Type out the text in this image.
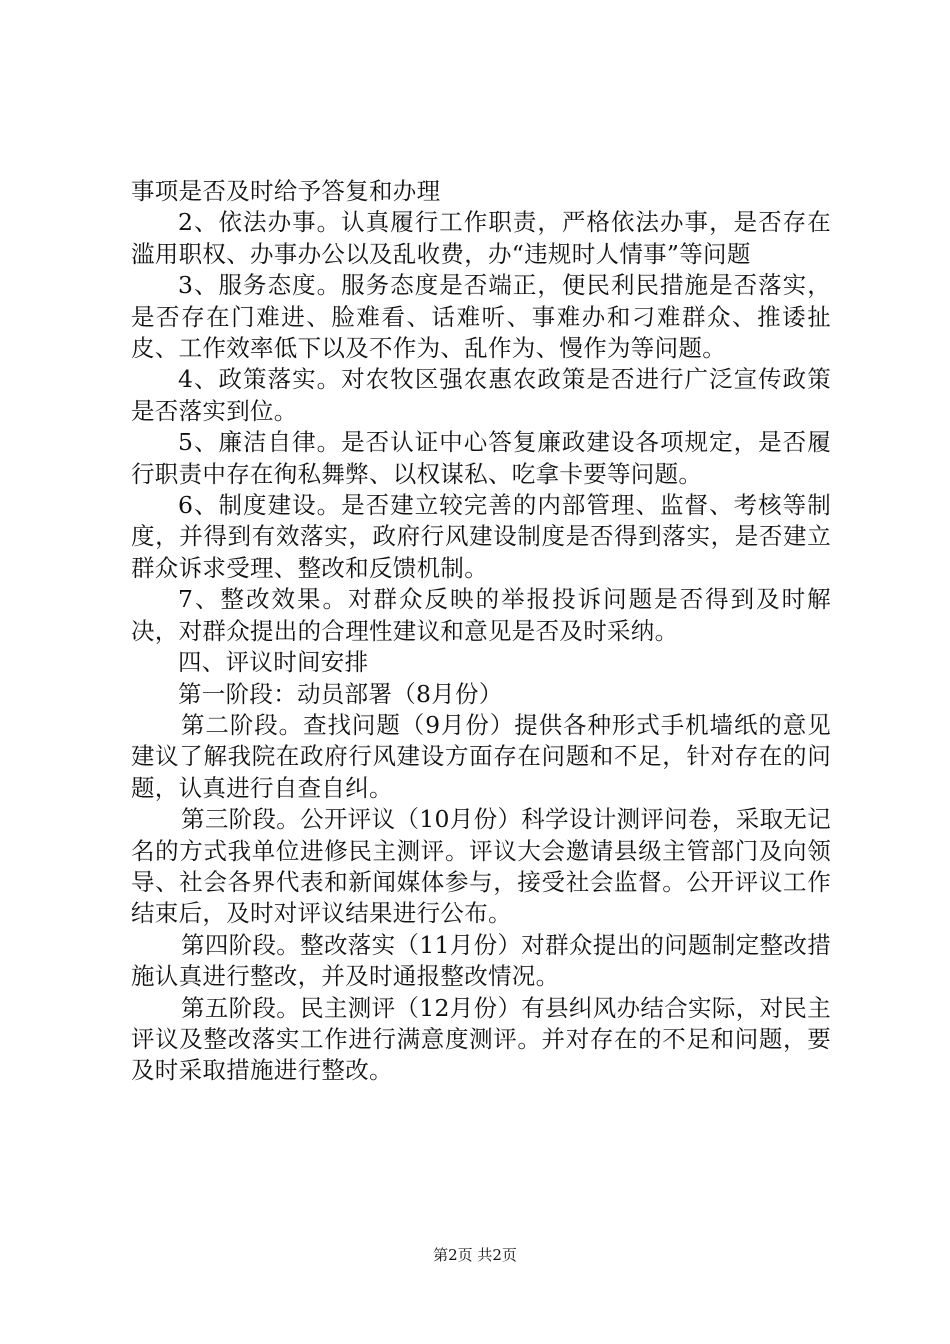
事项是否及时给予答复和办理

2、依法办事。认真履行工作职责，严格依法办事，是否存在滥用职权、办事办公以及乱收费，办“违规时人情事”等问题

3、服务态度。服务态度是否端正，便民利民措施是否落实，是否存在门难进、脸难看、话难听、事难办和刁难群众、推诿扯皮、工作效率低下以及不作为、乱作为、慢作为等问题。

4、政策落实。对农牧区强农惠农政策是否进行广泛宣传政策是否落实到位。

5、廉洁自律。是否认证中心答复廉政建设各项规定，是否履行职责中存在徇私舞弊、以权谋私、吃拿卡要等问题。

6、制度建设。是否建立较完善的内部管理、监督、考核等制度，并得到有效落实，政府行风建设制度是否得到落实，是否建立群众诉求受理、整改和反馈机制。

7、整改效果。对群众反映的举报投诉问题是否得到及时解决，对群众提出的合理性建议和意见是否及时采纳。

四、评议时间安排

第一阶段：动员部署（8月份）

第二阶段。查找问题（9月份）提供各种形式手机墙纸的意见建议了解我院在政府行风建设方面存在问题和不足，针对存在的问题，认真进行自查自纠。

第三阶段。公开评议（10月份）科学设计测评问卷，采取无记名的方式我单位进修民主测评。评议大会邀请县级主管部门及向领导、社会各界代表和新闻媒体参与，接受社会监督。公开评议工作结束后，及时对评议结果进行公布。

第四阶段。整改落实（11月份）对群众提出的问题制定整改措施认真进行整改，并及时通报整改情况。

第五阶段。民主测评（12月份）有县纠风办结合实际，对民主评议及整改落实工作进行满意度测评。并对存在的不足和问题，要及时采取措施进行整改。

第2页 共2页
